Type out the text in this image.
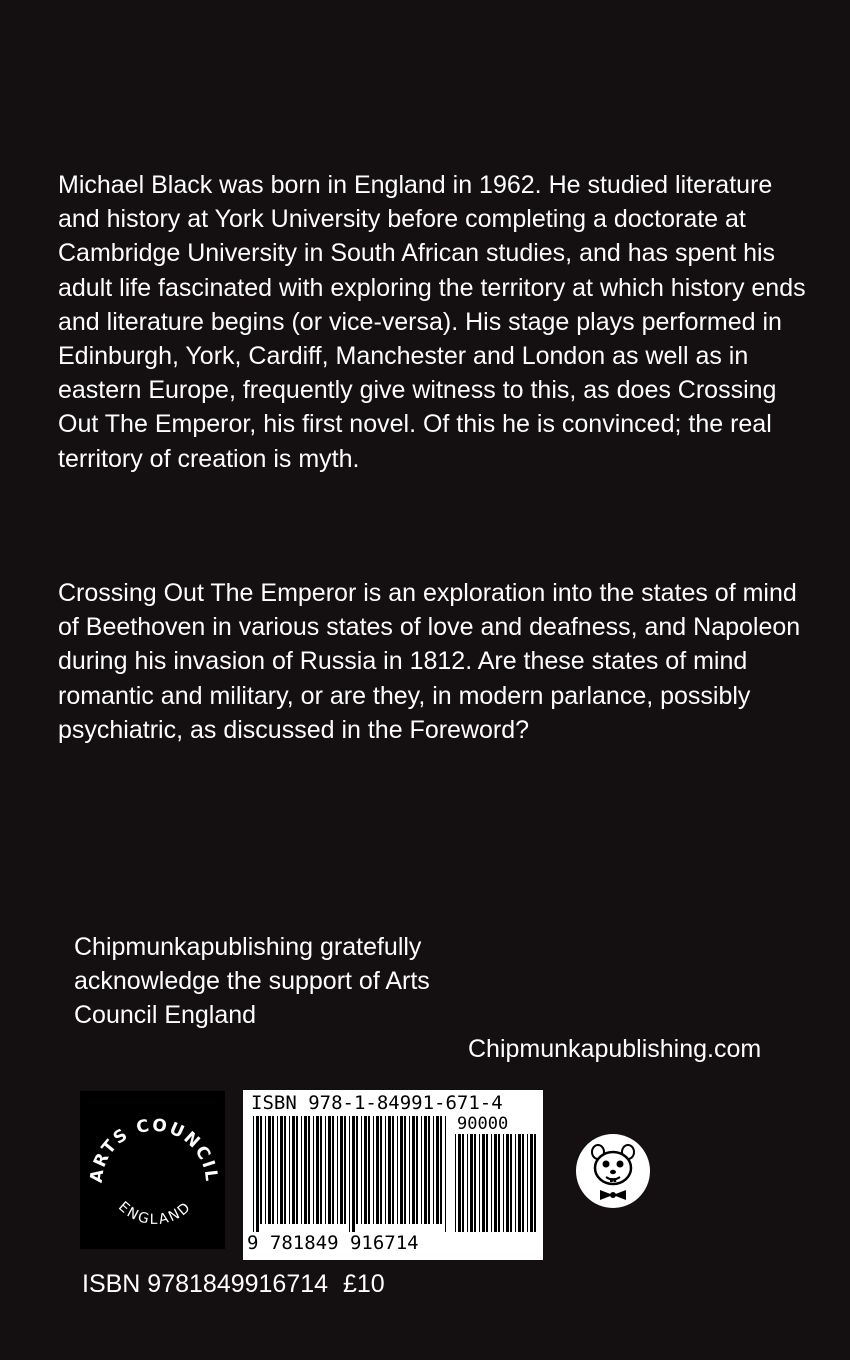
Michael Black was born in England in 1962. He studied literature and history at York University before completing a doctorate at Cambridge University in South African studies, and has spent his adult life fascinated with exploring the territory at which history ends and literature begins (or vice-versa). His stage plays performed in Edinburgh, York, Cardiff, Manchester and London as well as in eastern Europe, frequently give witness to this, as does Crossing Out The Emperor, his first novel. Of this he is convinced; the real territory of creation is myth.

Crossing Out The Emperor is an exploration into the states of mind of Beethoven in various states of love and deafness, and Napoleon during his invasion of Russia in 1812. Are these states of mind romantic and military, or are they, in modern parlance, possibly psychiatric, as discussed in the Foreword?

Chipmunkapublishing gratefully acknowledge the support of Arts Council England

Chipmunkapublishing.com
ARTS COUNCIL
ENGLAND
ISBN 978-1-84991-671-4
90000
9 781849 916714
ISBN 9781849916714 £10
